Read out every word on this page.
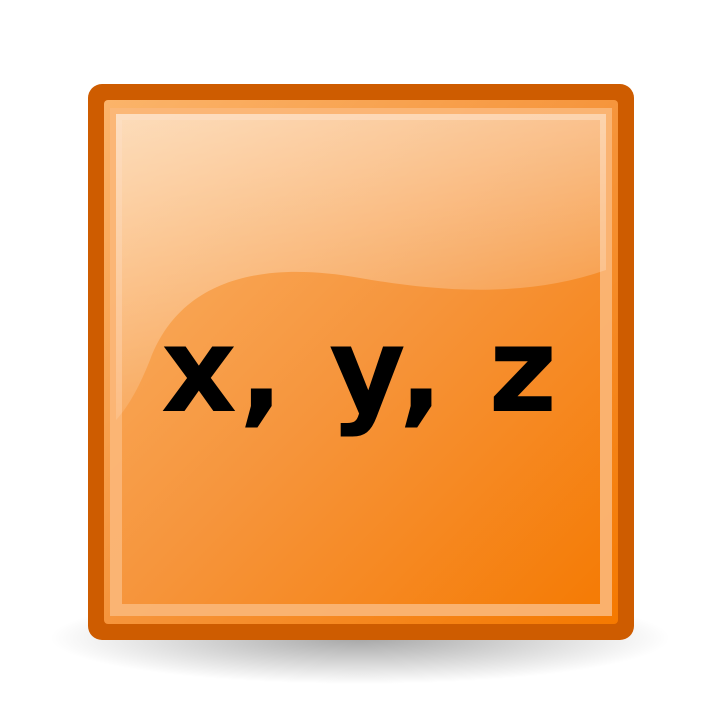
x, y, z
